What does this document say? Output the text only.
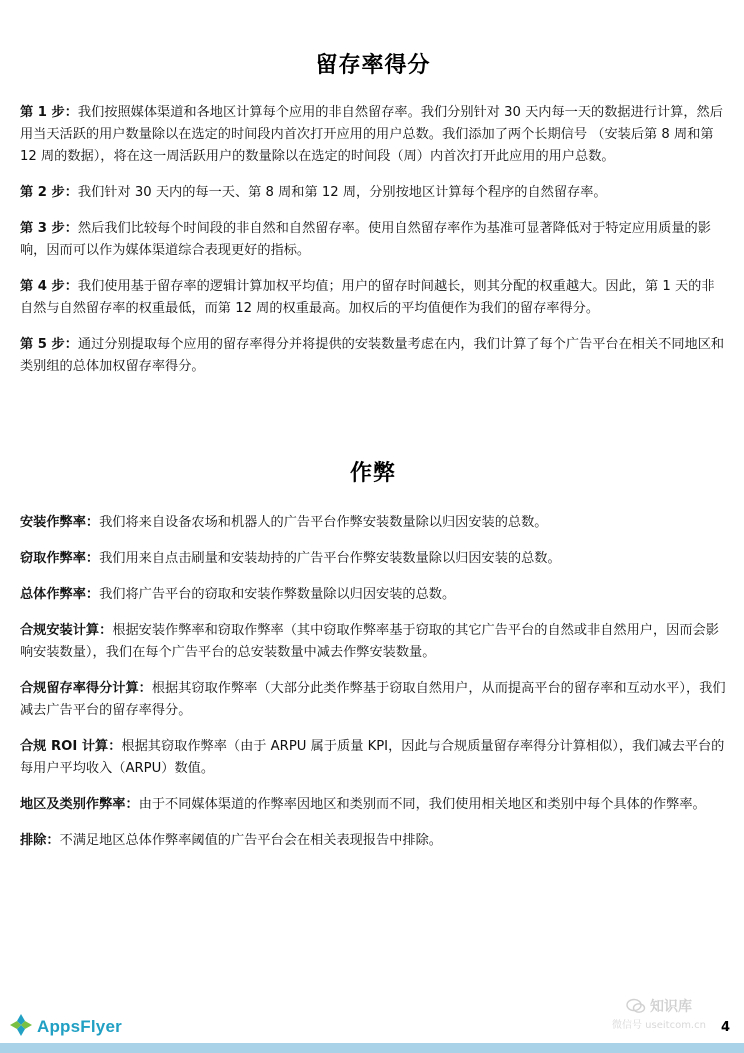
留存率得分

第 1 步：我们按照媒体渠道和各地区计算每个应用的非自然留存率。我们分别针对 30 天内每一天的数据进行计算，然后用当天活跃的用户数量除以在选定的时间段内首次打开应用的用户总数。我们添加了两个长期信号 （安装后第 8 周和第 12 周的数据），将在这一周活跃用户的数量除以在选定的时间段（周）内首次打开此应用的用户总数。

第 2 步：我们针对 30 天内的每一天、第 8 周和第 12 周，分别按地区计算每个程序的自然留存率。

第 3 步：然后我们比较每个时间段的非自然和自然留存率。使用自然留存率作为基准可显著降低对于特定应用质量的影响，因而可以作为媒体渠道综合表现更好的指标。

第 4 步：我们使用基于留存率的逻辑计算加权平均值；用户的留存时间越长，则其分配的权重越大。因此，第 1 天的非自然与自然留存率的权重最低，而第 12 周的权重最高。加权后的平均值便作为我们的留存率得分。

第 5 步：通过分别提取每个应用的留存率得分并将提供的安装数量考虑在内，我们计算了每个广告平台在相关不同地区和类别组的总体加权留存率得分。

作弊

安装作弊率：我们将来自设备农场和机器人的广告平台作弊安装数量除以归因安装的总数。

窃取作弊率：我们用来自点击刷量和安装劫持的广告平台作弊安装数量除以归因安装的总数。

总体作弊率：我们将广告平台的窃取和安装作弊数量除以归因安装的总数。

合规安装计算：根据安装作弊率和窃取作弊率（其中窃取作弊率基于窃取的其它广告平台的自然或非自然用户，因而会影响安装数量），我们在每个广告平台的总安装数量中减去作弊安装数量。

合规留存率得分计算：根据其窃取作弊率（大部分此类作弊基于窃取自然用户，从而提高平台的留存率和互动水平），我们减去广告平台的留存率得分。

合规 ROI 计算：根据其窃取作弊率（由于 ARPU 属于质量 KPI，因此与合规质量留存率得分计算相似），我们减去平台的每用户平均收入（ARPU）数值。

地区及类别作弊率：由于不同媒体渠道的作弊率因地区和类别而不同，我们使用相关地区和类别中每个具体的作弊率。

排除：不满足地区总体作弊率阈值的广告平台会在相关表现报告中排除。

AppsFlyer
知识库
微信号 useitcom.cn 4
